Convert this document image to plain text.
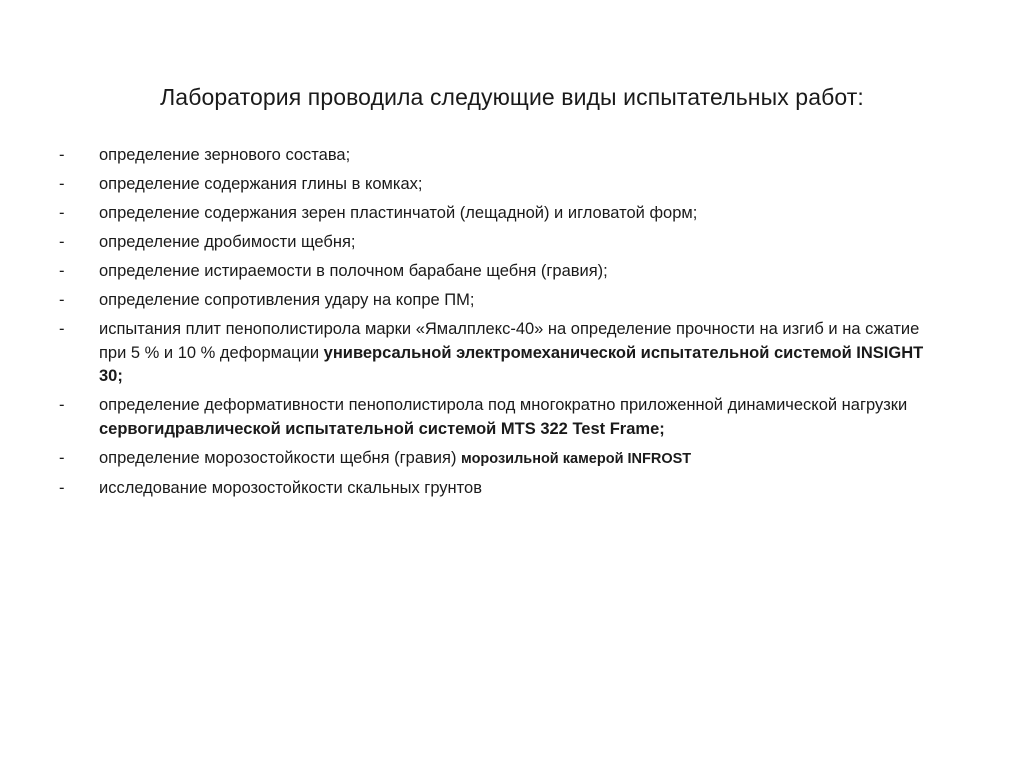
Лаборатория проводила следующие виды испытательных работ:
- определение зернового состава;
- определение содержания глины в комках;
- определение содержания зерен пластинчатой (лещадной) и игловатой форм;
- определение дробимости щебня;
- определение истираемости в полочном барабане щебня (гравия);
- определение сопротивления удару на копре ПМ;
- испытания плит пенополистирола марки «Ямалплекс-40» на определение прочности на изгиб и на сжатие при 5 % и 10 % деформации универсальной электромеханической испытательной системой INSIGHT 30;
- определение деформативности пенополистирола под многократно приложенной динамической нагрузки сервогидравлической испытательной системой MTS 322 Test Frame;
- определение морозостойкости щебня (гравия) морозильной камерой INFROST
- исследование морозостойкости скальных грунтов
